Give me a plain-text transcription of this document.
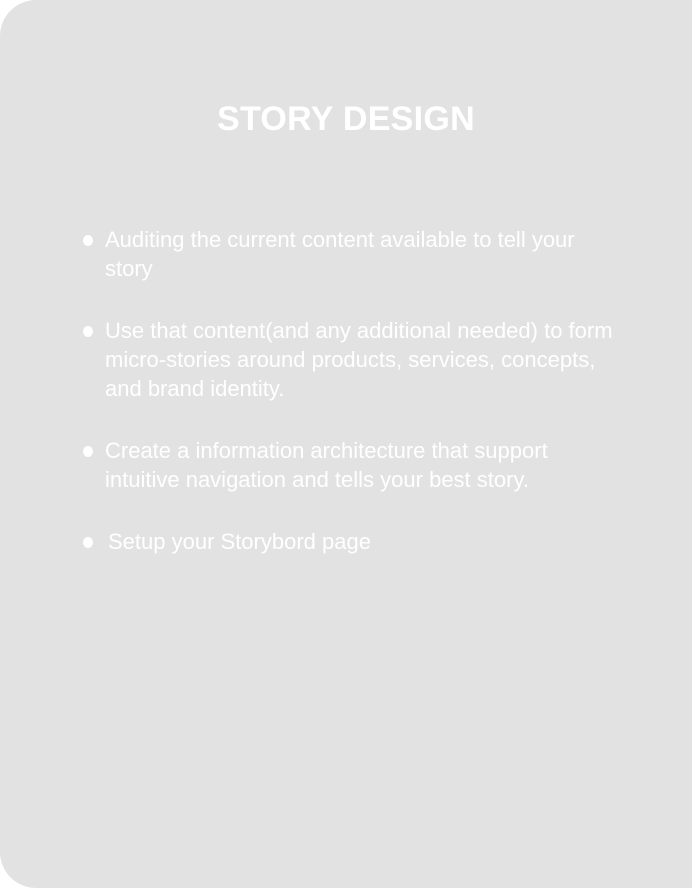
STORY DESIGN
Auditing the current content available to tell your story
Use that content(and any additional needed) to form micro-stories around products, services, concepts, and brand identity.
Create a information architecture that support intuitive navigation and tells your best story.
Setup your Storybord page
